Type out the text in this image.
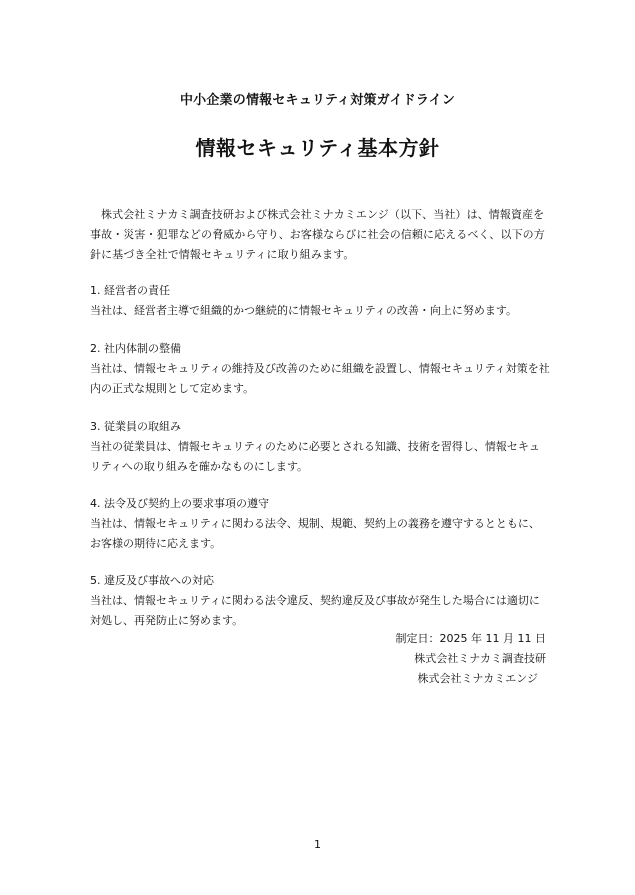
中小企業の情報セキュリティ対策ガイドライン
情報セキュリティ基本方針
株式会社ミナカミ調査技研および株式会社ミナカミエンジ（以下、当社）は、情報資産を事故・災害・犯罪などの脅威から守り、お客様ならびに社会の信頼に応えるべく、以下の方針に基づき全社で情報セキュリティに取り組みます。
1. 経営者の責任
当社は、経営者主導で組織的かつ継続的に情報セキュリティの改善・向上に努めます。
2. 社内体制の整備
当社は、情報セキュリティの維持及び改善のために組織を設置し、情報セキュリティ対策を社内の正式な規則として定めます。
3. 従業員の取組み
当社の従業員は、情報セキュリティのために必要とされる知識、技術を習得し、情報セキュリティへの取り組みを確かなものにします。
4. 法令及び契約上の要求事項の遵守
当社は、情報セキュリティに関わる法令、規制、規範、契約上の義務を遵守するとともに、お客様の期待に応えます。
5. 違反及び事故への対応
当社は、情報セキュリティに関わる法令違反、契約違反及び事故が発生した場合には適切に対処し、再発防止に努めます。
制定日：2025 年 11 月 11 日
株式会社ミナカミ調査技研
株式会社ミナカミエンジ
1
